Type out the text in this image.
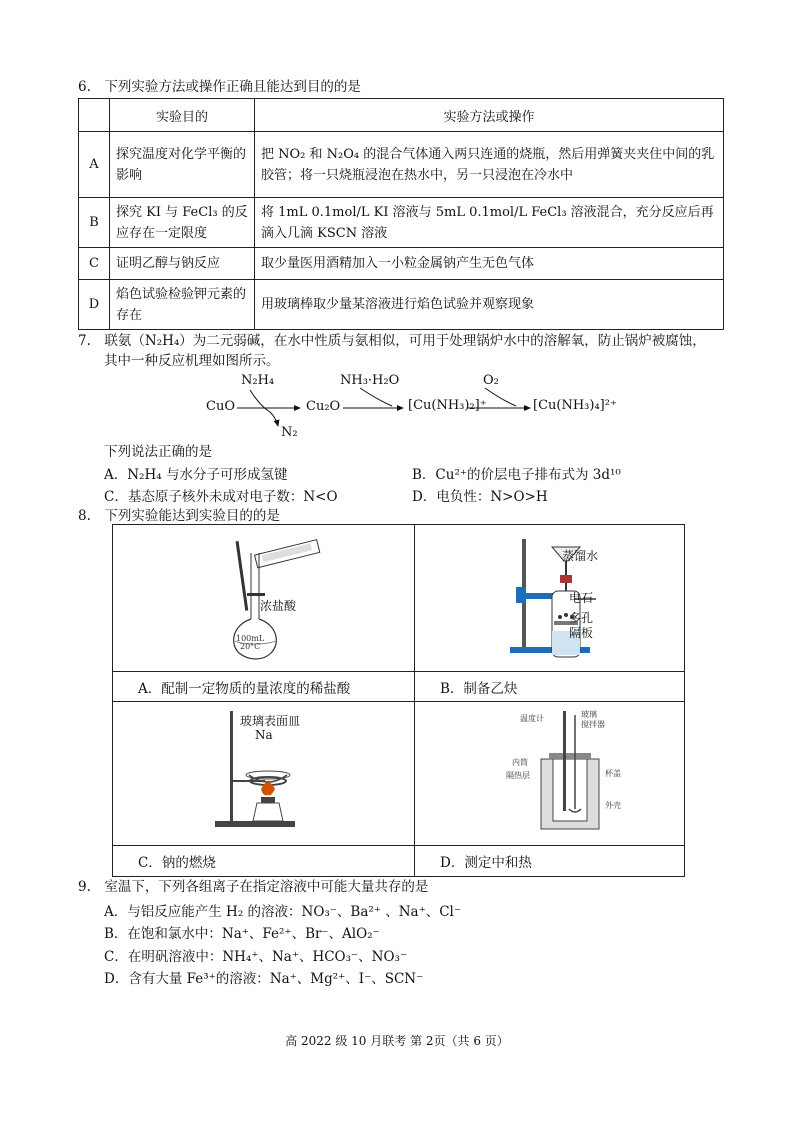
6.　下列实验方法或操作正确且能达到目的的是
	实验目的	实验方法或操作
A	探究温度对化学平衡的影响	把 NO₂ 和 N₂O₄ 的混合气体通入两只连通的烧瓶，然后用弹簧夹夹住中间的乳胶管；将一只烧瓶浸泡在热水中，另一只浸泡在冷水中
B	探究 KI 与 FeCl₃ 的反应存在一定限度	将 1mL 0.1mol/L KI 溶液与 5mL 0.1mol/L FeCl₃ 溶液混合，充分反应后再滴入几滴 KSCN 溶液
C	证明乙醇与钠反应	取少量医用酒精加入一小粒金属钠产生无色气体
D	焰色试验检验钾元素的存在	用玻璃棒取少量某溶液进行焰色试验并观察现象
7.　联氨（N₂H₄）为二元弱碱，在水中性质与氨相似，可用于处理锅炉水中的溶解氧，防止锅炉被腐蚀，
其中一种反应机理如图所示。
CuO
N₂H₄
N₂
Cu₂O
NH₃·H₂O
[Cu(NH₃)₂]⁺
O₂
[Cu(NH₃)₄]²⁺
下列说法正确的是
A．N₂H₄ 与水分子可形成氢键	B．Cu²⁺的价层电子排布式为 3d¹⁰
C．基态原子核外未成对电子数：N<O	D．电负性：N>O>H
8.　下列实验能达到实验目的的是
浓盐酸
100mL
20°C
蒸馏水
电石
多孔
隔板
A．配制一定物质的量浓度的稀盐酸	B．制备乙炔
玻璃表面皿
Na
温度计	玻璃
搅拌器
内筒
隔热层	杯盖
外壳
C．钠的燃烧	D．测定中和热
9.　室温下，下列各组离子在指定溶液中可能大量共存的是
A．与铝反应能产生 H₂ 的溶液：NO₃⁻、Ba²⁺ 、Na⁺、Cl⁻
B．在饱和氯水中：Na⁺、Fe²⁺、Br⁻、AlO₂⁻
C．在明矾溶液中：NH₄⁺、Na⁺、HCO₃⁻、NO₃⁻
D．含有大量 Fe³⁺的溶液：Na⁺、Mg²⁺、I⁻、SCN⁻
高 2022 级 10 月联考 第 2页（共 6 页）
